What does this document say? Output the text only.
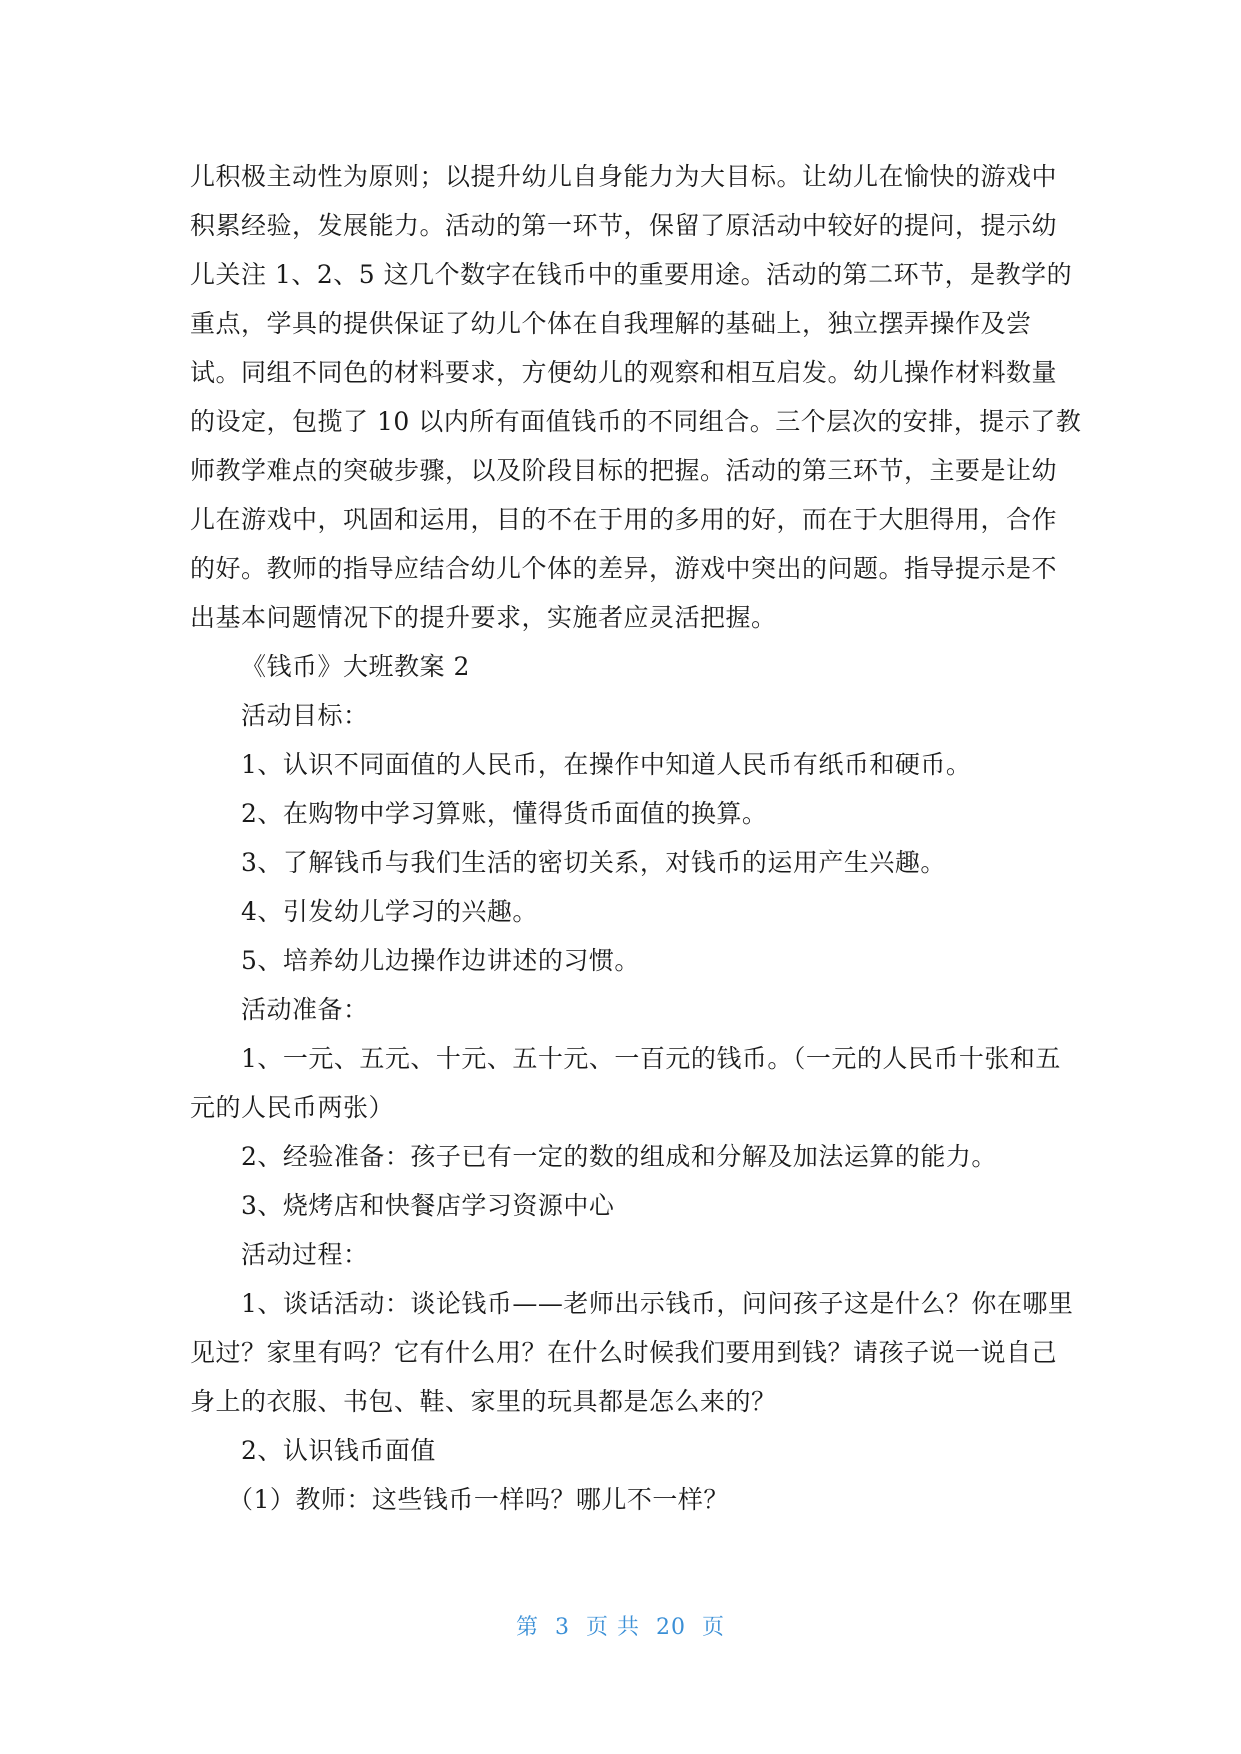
儿积极主动性为原则；以提升幼儿自身能力为大目标。让幼儿在愉快的游戏中
积累经验，发展能力。活动的第一环节，保留了原活动中较好的提问，提示幼
儿关注 1、2、5 这几个数字在钱币中的重要用途。活动的第二环节，是教学的
重点，学具的提供保证了幼儿个体在自我理解的基础上，独立摆弄操作及尝
试。同组不同色的材料要求，方便幼儿的观察和相互启发。幼儿操作材料数量
的设定，包揽了 10 以内所有面值钱币的不同组合。三个层次的安排，提示了教
师教学难点的突破步骤，以及阶段目标的把握。活动的第三环节，主要是让幼
儿在游戏中，巩固和运用，目的不在于用的多用的好，而在于大胆得用，合作
的好。教师的指导应结合幼儿个体的差异，游戏中突出的问题。指导提示是不
出基本问题情况下的提升要求，实施者应灵活把握。
《钱币》大班教案 2
活动目标：
1、认识不同面值的人民币，在操作中知道人民币有纸币和硬币。
2、在购物中学习算账，懂得货币面值的换算。
3、了解钱币与我们生活的密切关系，对钱币的运用产生兴趣。
4、引发幼儿学习的兴趣。
5、培养幼儿边操作边讲述的习惯。
活动准备：
1、一元、五元、十元、五十元、一百元的钱币。（一元的人民币十张和五
元的人民币两张）
2、经验准备：孩子已有一定的数的组成和分解及加法运算的能力。
3、烧烤店和快餐店学习资源中心
活动过程：
1、谈话活动：谈论钱币——老师出示钱币，问问孩子这是什么？你在哪里
见过？家里有吗？它有什么用？在什么时候我们要用到钱？请孩子说一说自己
身上的衣服、书包、鞋、家里的玩具都是怎么来的？
2、认识钱币面值
（1）教师：这些钱币一样吗？哪儿不一样？
第 3 页 共 20 页
